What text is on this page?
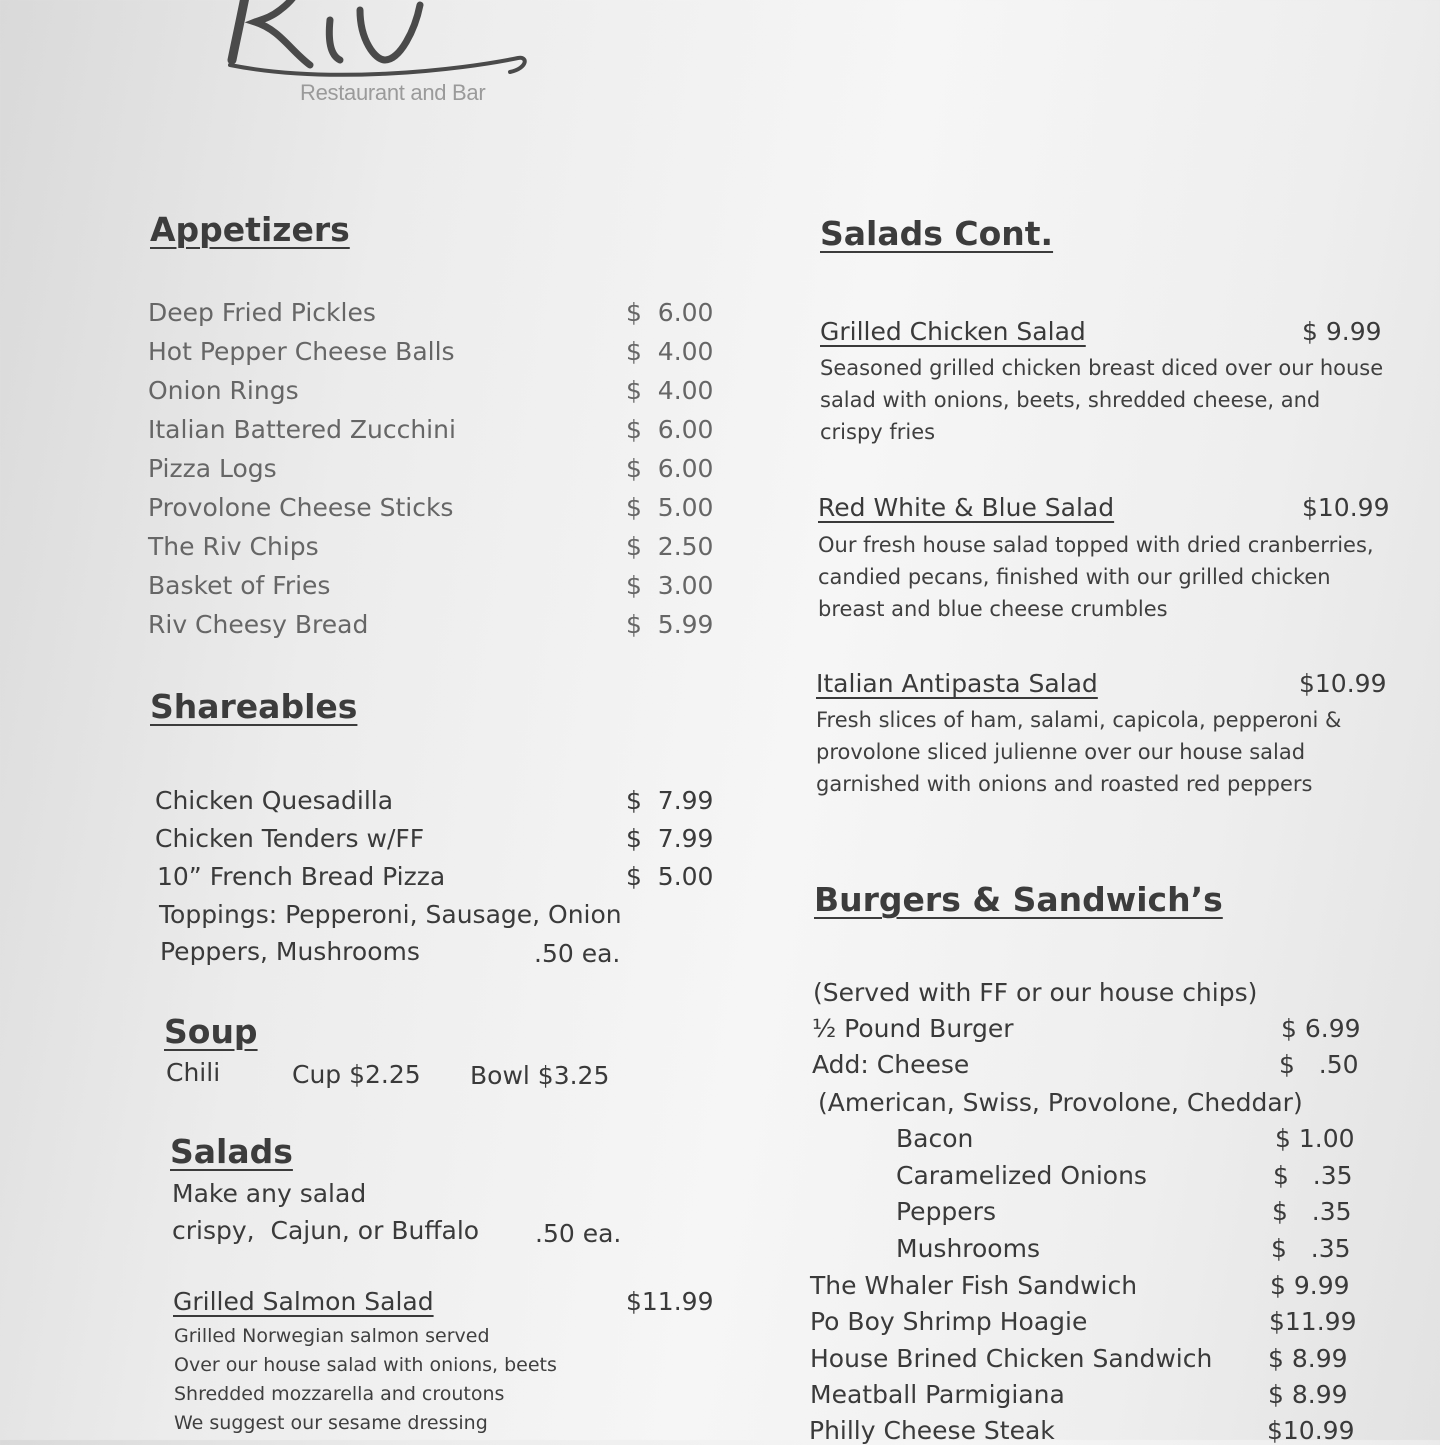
Restaurant and Bar
Appetizers
Deep Fried Pickles	$  6.00
Hot Pepper Cheese Balls	$  4.00
Onion Rings	$  4.00
Italian Battered Zucchini	$  6.00
Pizza Logs	$  6.00
Provolone Cheese Sticks	$  5.00
The Riv Chips	$  2.50
Basket of Fries	$  3.00
Riv Cheesy Bread	$  5.99
Shareables
Chicken Quesadilla	$  7.99
Chicken Tenders w/FF	$  7.99
10” French Bread Pizza	$  5.00
Toppings: Pepperoni, Sausage, Onion
Peppers, Mushrooms	.50 ea.
Soup
Chili	Cup $2.25 Bowl $3.25
Salads
Make any salad
crispy,  Cajun, or Buffalo .50 ea.
Grilled Salmon Salad	$11.99
Grilled Norwegian salmon served
Over our house salad with onions, beets
Shredded mozzarella and croutons
We suggest our sesame dressing
Salads Cont.
Grilled Chicken Salad	$ 9.99
Seasoned grilled chicken breast diced over our house
salad with onions, beets, shredded cheese, and
crispy fries
Red White & Blue Salad	$10.99
Our fresh house salad topped with dried cranberries,
candied pecans, finished with our grilled chicken
breast and blue cheese crumbles
Italian Antipasta Salad	$10.99
Fresh slices of ham, salami, capicola, pepperoni &
provolone sliced julienne over our house salad
garnished with onions and roasted red peppers
Burgers & Sandwich’s
(Served with FF or our house chips)
½ Pound Burger	$ 6.99
Add: Cheese	$   .50
(American, Swiss, Provolone, Cheddar)
Bacon	$ 1.00
Caramelized Onions	$   .35
Peppers	$   .35
Mushrooms	$   .35
The Whaler Fish Sandwich	$ 9.99
Po Boy Shrimp Hoagie	$11.99
House Brined Chicken Sandwich $ 8.99
Meatball Parmigiana	$ 8.99
Philly Cheese Steak	$10.99
